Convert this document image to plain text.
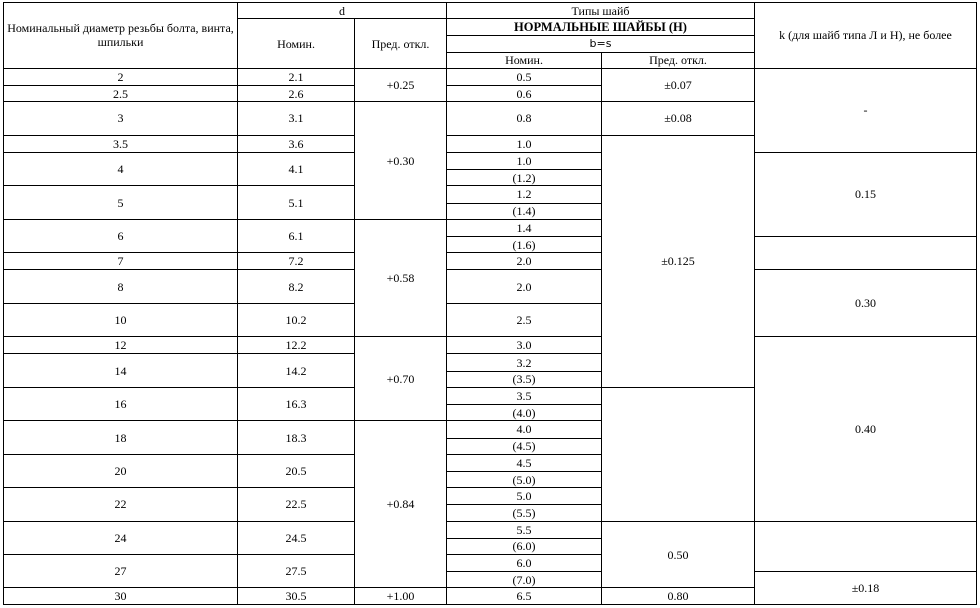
Номинальный диаметр резьбы болта, винта, шпильки	d		Типы шайб		k (для шайб типа Л и Н), не более	
	Номин.	Пред. откл.	НОРМАЛЬНЫЕ ШАЙБЫ (Н)			
			b=s			
			Номин.	Пред. откл.		
2	2.1	+0.25	0.5	±0.07	-	
2.5	2.6		0.6			
3	3.1	+0.30	0.8	±0.08		
3.5	3.6		1.0	±0.125		
4	4.1		1.0		0.15	
			(1.2)			
5	5.1		1.2			
			(1.4)			
6	6.1	+0.58	1.4	
			(1.6)			
7	7.2		2.0			
8	8.2		2.0		0.30	
10	10.2		2.5			
12	12.2	+0.70	3.0		0.40	
14	14.2		3.2	
			(3.5)			
16	16.3		3.5			
			(4.0)			
18	18.3	+0.84	4.0			
			(4.5)			
20	20.5		4.5			
			(5.0)			
22	22.5		5.0			
			(5.5)			
24	24.5		5.5	0.50		
			(6.0)			
27	27.5		6.0			
			(7.0)		±0.18	
30	30.5	+1.00	6.5	0.80		
